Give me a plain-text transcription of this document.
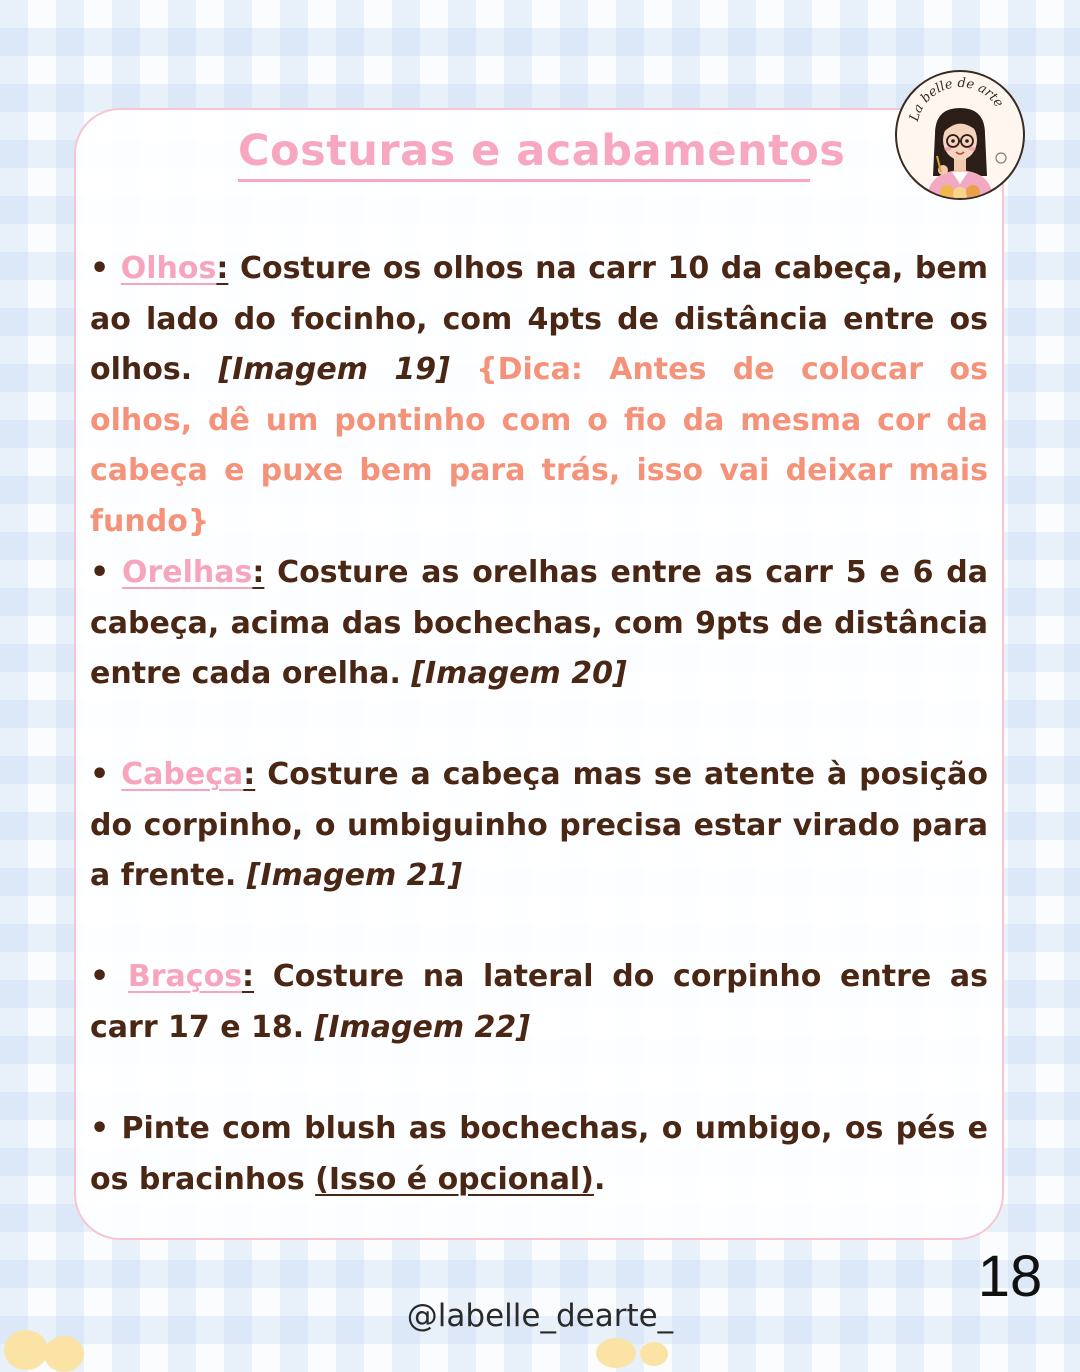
Costuras e acabamentos
La belle de arte

• Olhos: Costure os olhos na carr 10 da cabeça, bem ao lado do focinho, com 4pts de distância entre os olhos. [Imagem 19] {Dica: Antes de colocar os olhos, dê um pontinho com o fio da mesma cor da cabeça e puxe bem para trás, isso vai deixar mais fundo}

• Orelhas: Costure as orelhas entre as carr 5 e 6 da cabeça, acima das bochechas, com 9pts de distância entre cada orelha. [Imagem 20]

• Cabeça: Costure a cabeça mas se atente à posição do corpinho, o umbiguinho precisa estar virado para a frente. [Imagem 21]

• Braços: Costure na lateral do corpinho entre as carr 17 e 18. [Imagem 22]

• Pinte com blush as bochechas, o umbigo, os pés e os bracinhos (Isso é opcional).

18
@labelle_dearte_
